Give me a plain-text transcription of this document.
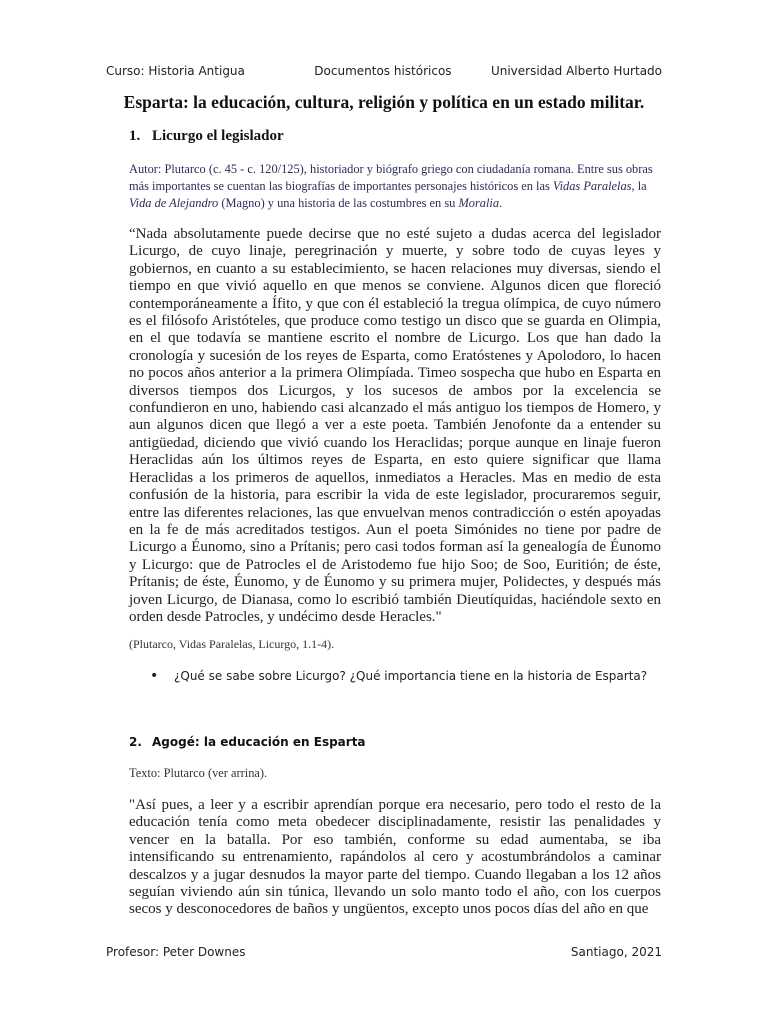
Curso: Historia Antigua	Documentos históricos	Universidad Alberto Hurtado
Esparta: la educación, cultura, religión y política en un estado militar.
1. Licurgo el legislador
Autor: Plutarco (c. 45 - c. 120/125), historiador y biógrafo griego con ciudadanía romana. Entre sus obras más importantes se cuentan las biografías de importantes personajes históricos en las Vidas Paralelas, la Vida de Alejandro (Magno) y una historia de las costumbres en su Moralia.
“Nada absolutamente puede decirse que no esté sujeto a dudas acerca del legislador Licurgo, de cuyo linaje, peregrinación y muerte, y sobre todo de cuyas leyes y gobiernos, en cuanto a su establecimiento, se hacen relaciones muy diversas, siendo el tiempo en que vivió aquello en que menos se conviene. Algunos dicen que floreció contemporáneamente a Ífito, y que con él estableció la tregua olímpica, de cuyo número es el filósofo Aristóteles, que produce como testigo un disco que se guarda en Olimpia, en el que todavía se mantiene escrito el nombre de Licurgo. Los que han dado la cronología y sucesión de los reyes de Esparta, como Eratóstenes y Apolodoro, lo hacen no pocos años anterior a la primera Olimpíada. Timeo sospecha que hubo en Esparta en diversos tiempos dos Licurgos, y los sucesos de ambos por la excelencia se confundieron en uno, habiendo casi alcanzado el más antiguo los tiempos de Homero, y aun algunos dicen que llegó a ver a este poeta. También Jenofonte da a entender su antigüedad, diciendo que vivió cuando los Heraclidas; porque aunque en linaje fueron Heraclidas aún los últimos reyes de Esparta, en esto quiere significar que llama Heraclidas a los primeros de aquellos, inmediatos a Heracles. Mas en medio de esta confusión de la historia, para escribir la vida de este legislador, procuraremos seguir, entre las diferentes relaciones, las que envuelvan menos contradicción o estén apoyadas en la fe de más acreditados testigos. Aun el poeta Simónides no tiene por padre de Licurgo a Éunomo, sino a Prítanis; pero casi todos forman así la genealogía de Éunomo y Licurgo: que de Patrocles el de Aristodemo fue hijo Soo; de Soo, Euritión; de éste, Prítanis; de éste, Éunomo, y de Éunomo y su primera mujer, Polidectes, y después más joven Licurgo, de Dianasa, como lo escribió también Dieutíquidas, haciéndole sexto en orden desde Patrocles, y undécimo desde Heracles."
(Plutarco, Vidas Paralelas, Licurgo, 1.1-4).
• ¿Qué se sabe sobre Licurgo? ¿Qué importancia tiene en la historia de Esparta?
2. Agogé: la educación en Esparta
Texto: Plutarco (ver arrina).
"Así pues, a leer y a escribir aprendían porque era necesario, pero todo el resto de la educación tenía como meta obedecer disciplinadamente, resistir las penalidades y vencer en la batalla. Por eso también, conforme su edad aumentaba, se iba intensificando su entrenamiento, rapándolos al cero y acostumbrándolos a caminar descalzos y a jugar desnudos la mayor parte del tiempo. Cuando llegaban a los 12 años seguían viviendo aún sin túnica, llevando un solo manto todo el año, con los cuerpos secos y desconocedores de baños y ungüentos, excepto unos pocos días del año en que
Profesor: Peter Downes	Santiago, 2021
